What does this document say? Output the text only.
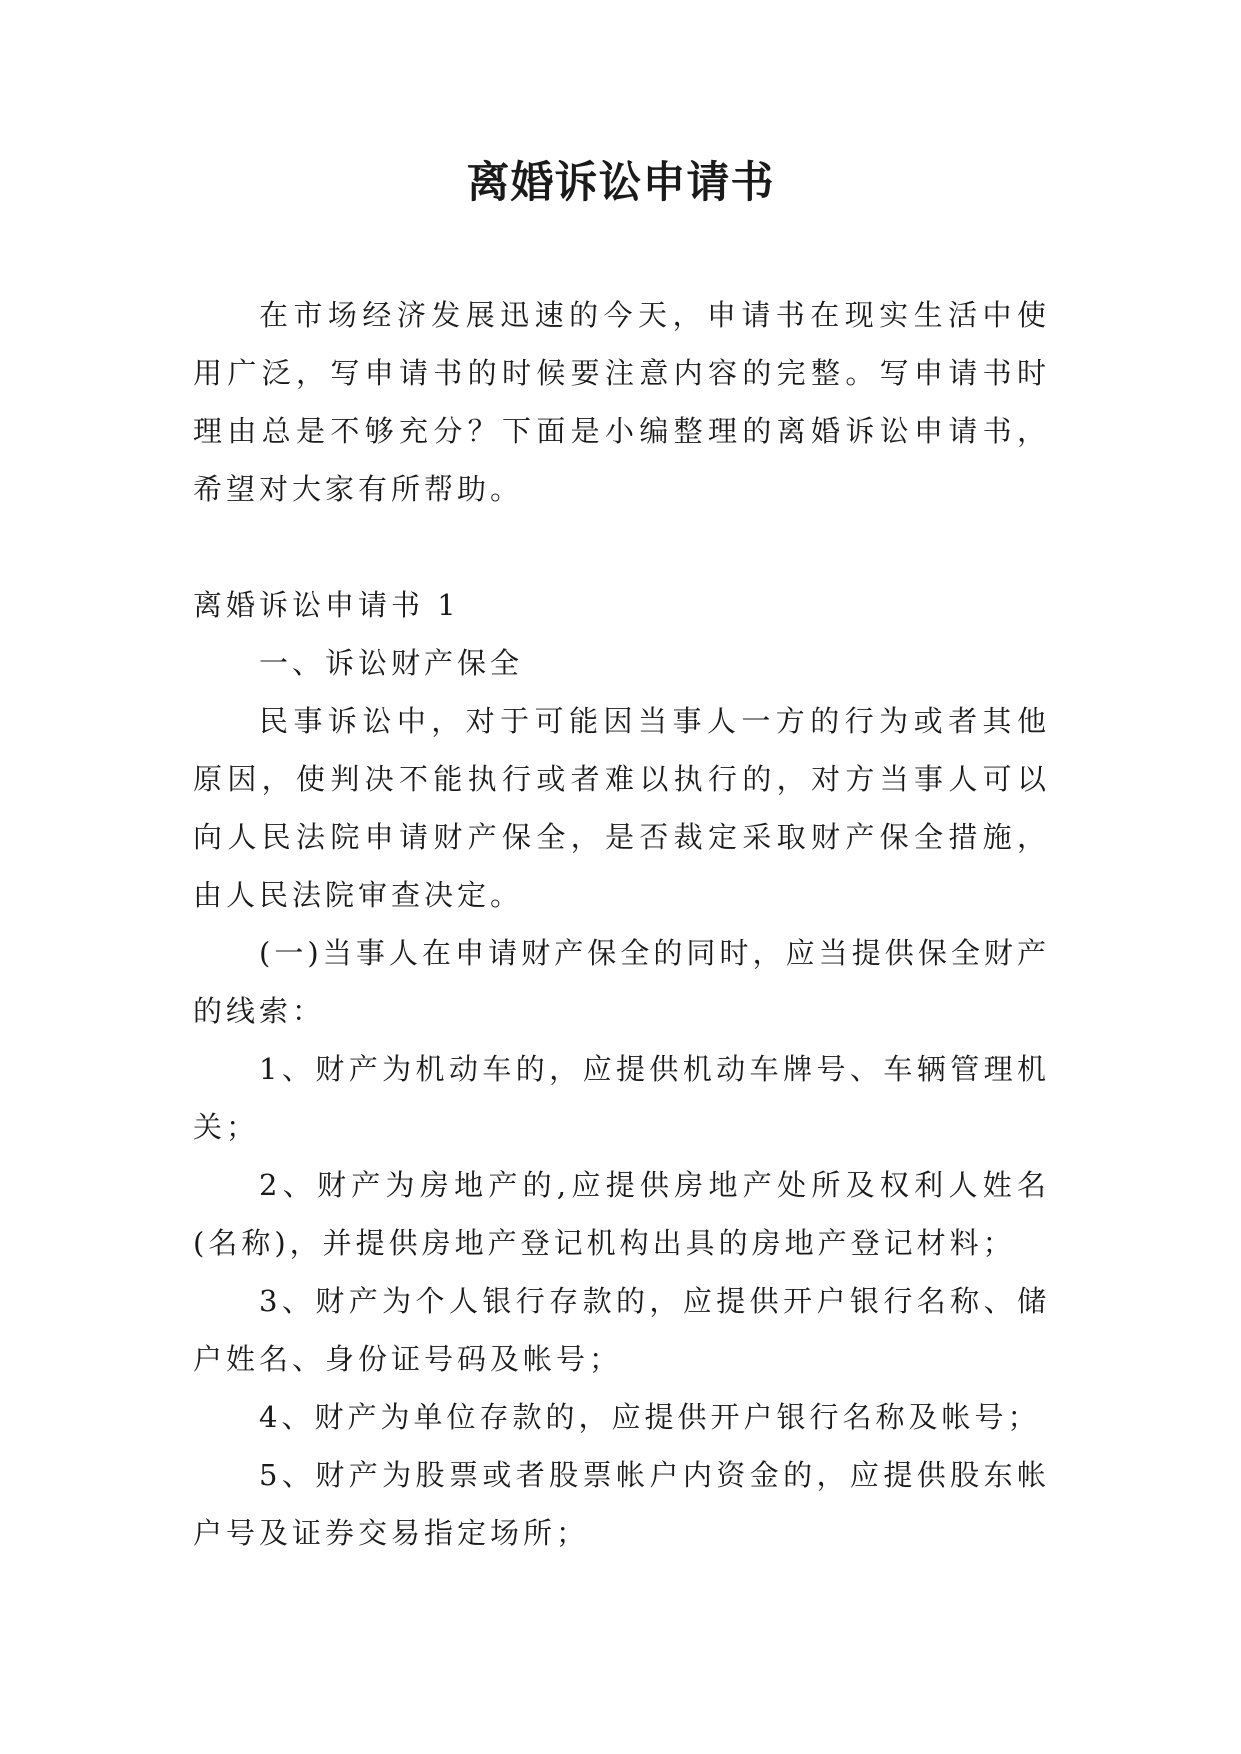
离婚诉讼申请书

在市场经济发展迅速的今天，申请书在现实生活中使用广泛，写申请书的时候要注意内容的完整。写申请书时理由总是不够充分？下面是小编整理的离婚诉讼申请书，希望对大家有所帮助。

离婚诉讼申请书 1

一、诉讼财产保全

民事诉讼中，对于可能因当事人一方的行为或者其他原因，使判决不能执行或者难以执行的，对方当事人可以向人民法院申请财产保全，是否裁定采取财产保全措施，由人民法院审查决定。

(一)当事人在申请财产保全的同时，应当提供保全财产的线索：

1、财产为机动车的，应提供机动车牌号、车辆管理机关；

2、财产为房地产的,应提供房地产处所及权利人姓名(名称)，并提供房地产登记机构出具的房地产登记材料；

3、财产为个人银行存款的，应提供开户银行名称、储户姓名、身份证号码及帐号；

4、财产为单位存款的，应提供开户银行名称及帐号；

5、财产为股票或者股票帐户内资金的，应提供股东帐户号及证券交易指定场所；
